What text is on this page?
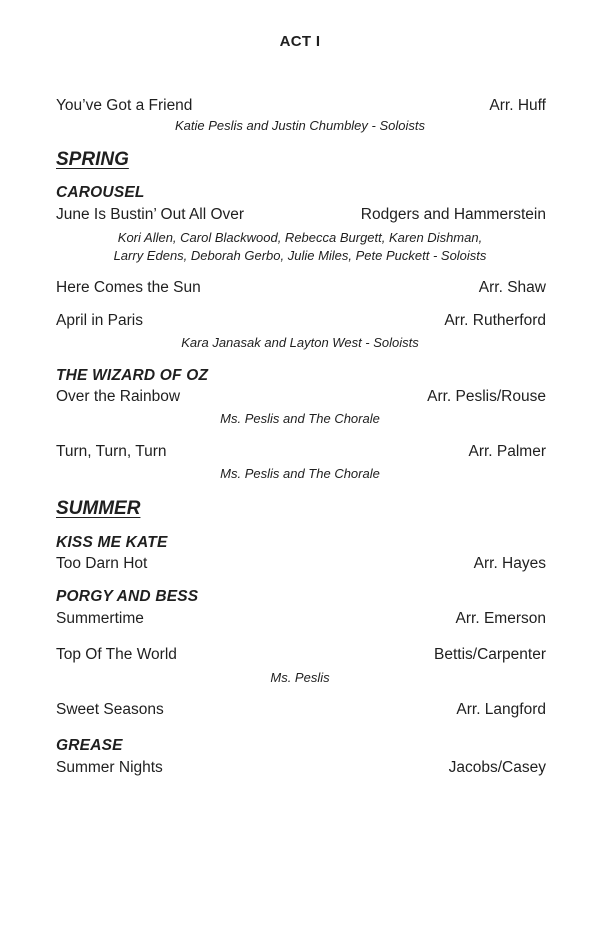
ACT I
You’ve Got a Friend	Arr. Huff
Katie Peslis and Justin Chumbley - Soloists
SPRING
CAROUSEL
June Is Bustin’ Out All Over	Rodgers and Hammerstein
Kori Allen, Carol Blackwood, Rebecca Burgett, Karen Dishman,
Larry Edens, Deborah Gerbo, Julie Miles, Pete Puckett - Soloists
Here Comes the Sun	Arr. Shaw
April in Paris	Arr. Rutherford
Kara Janasak and Layton West - Soloists
THE WIZARD OF OZ
Over the Rainbow	Arr. Peslis/Rouse
Ms. Peslis and The Chorale
Turn, Turn, Turn	Arr. Palmer
Ms. Peslis and The Chorale
SUMMER
KISS ME KATE
Too Darn Hot	Arr. Hayes
PORGY AND BESS
Summertime	Arr. Emerson
Top Of The World	Bettis/Carpenter
Ms. Peslis
Sweet Seasons	Arr. Langford
GREASE
Summer Nights	Jacobs/Casey
